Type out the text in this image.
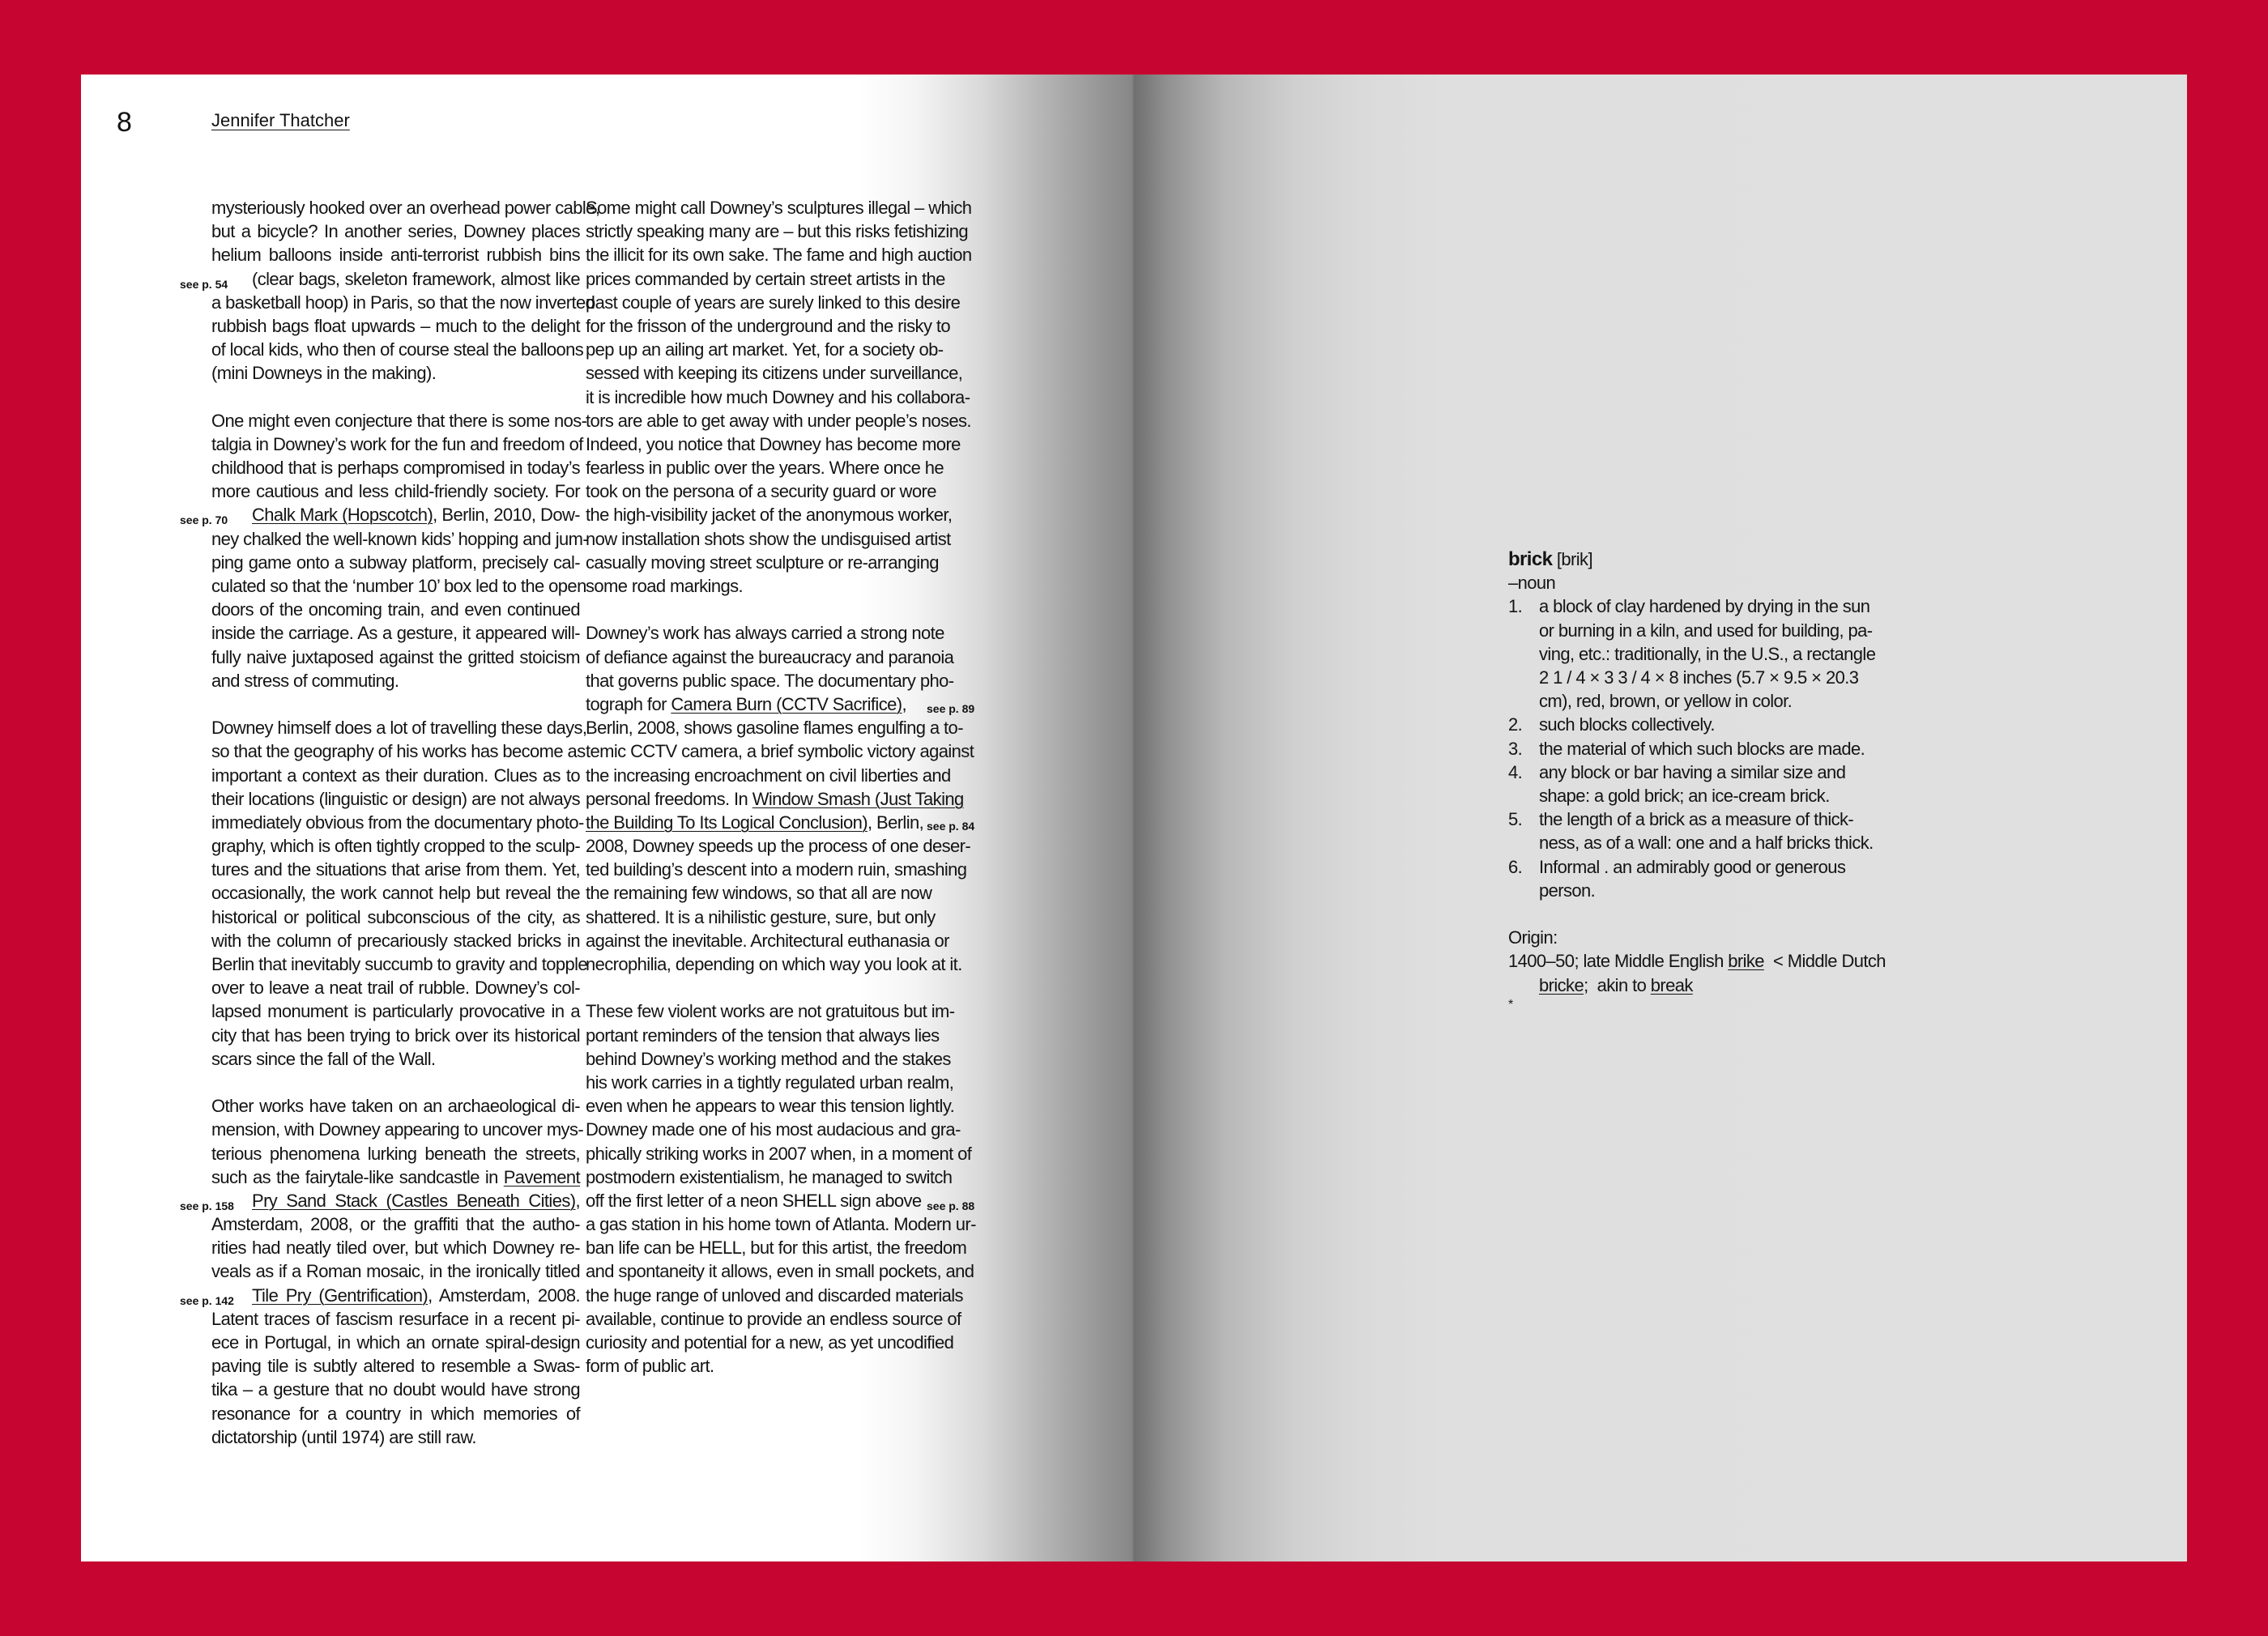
8	Jennifer Thatcher
see p. 54
see p. 70
see p. 158
see p. 142
see p. 89
see p. 84
see p. 88

mysteriously hooked over an overhead power cable,
but a bicycle? In another series, Downey places
helium balloons inside anti-terrorist rubbish bins
(clear bags, skeleton framework, almost like
a basketball hoop) in Paris, so that the now inverted
rubbish bags float upwards – much to the delight
of local kids, who then of course steal the balloons
(mini Downeys in the making).

One might even conjecture that there is some nos-
talgia in Downey’s work for the fun and freedom of
childhood that is perhaps compromised in today’s
more cautious and less child-friendly society. For
Chalk Mark (Hopscotch), Berlin, 2010, Dow-
ney chalked the well-known kids’ hopping and jum-
ping game onto a subway platform, precisely cal-
culated so that the ‘number 10’ box led to the open
doors of the oncoming train, and even continued
inside the carriage. As a gesture, it appeared will-
fully naive juxtaposed against the gritted stoicism
and stress of commuting.

Downey himself does a lot of travelling these days,
so that the geography of his works has become as
important a context as their duration. Clues as to
their locations (linguistic or design) are not always
immediately obvious from the documentary photo-
graphy, which is often tightly cropped to the sculp-
tures and the situations that arise from them. Yet,
occasionally, the work cannot help but reveal the
historical or political subconscious of the city, as
with the column of precariously stacked bricks in
Berlin that inevitably succumb to gravity and topple
over to leave a neat trail of rubble. Downey’s col-
lapsed monument is particularly provocative in a
city that has been trying to brick over its historical
scars since the fall of the Wall.

Other works have taken on an archaeological di-
mension, with Downey appearing to uncover mys-
terious phenomena lurking beneath the streets,
such as the fairytale-like sandcastle in Pavement
Pry Sand Stack (Castles Beneath Cities),
Amsterdam, 2008, or the graffiti that the autho-
rities had neatly tiled over, but which Downey re-
veals as if a Roman mosaic, in the ironically titled
Tile Pry (Gentrification), Amsterdam, 2008.
Latent traces of fascism resurface in a recent pi-
ece in Portugal, in which an ornate spiral-design
paving tile is subtly altered to resemble a Swas-
tika – a gesture that no doubt would have strong
resonance for a country in which memories of
dictatorship (until 1974) are still raw.

Some might call Downey’s sculptures illegal – which
strictly speaking many are – but this risks fetishizing
the illicit for its own sake. The fame and high auction
prices commanded by certain street artists in the
past couple of years are surely linked to this desire
for the frisson of the underground and the risky to
pep up an ailing art market. Yet, for a society ob-
sessed with keeping its citizens under surveillance,
it is incredible how much Downey and his collabora-
tors are able to get away with under people’s noses.
Indeed, you notice that Downey has become more
fearless in public over the years. Where once he
took on the persona of a security guard or wore
the high-visibility jacket of the anonymous worker,
now installation shots show the undisguised artist
casually moving street sculpture or re-arranging
some road markings.

Downey’s work has always carried a strong note
of defiance against the bureaucracy and paranoia
that governs public space. The documentary pho-
tograph for Camera Burn (CCTV Sacrifice),
Berlin, 2008, shows gasoline flames engulfing a to-
temic CCTV camera, a brief symbolic victory against
the increasing encroachment on civil liberties and
personal freedoms. In Window Smash (Just Taking
the Building To Its Logical Conclusion), Berlin,
2008, Downey speeds up the process of one deser-
ted building’s descent into a modern ruin, smashing
the remaining few windows, so that all are now
shattered. It is a nihilistic gesture, sure, but only
against the inevitable. Architectural euthanasia or
necrophilia, depending on which way you look at it.

These few violent works are not gratuitous but im-
portant reminders of the tension that always lies
behind Downey’s working method and the stakes
his work carries in a tightly regulated urban realm,
even when he appears to wear this tension lightly.
Downey made one of his most audacious and gra-
phically striking works in 2007 when, in a moment of
postmodern existentialism, he managed to switch
off the first letter of a neon SHELL sign above
a gas station in his home town of Atlanta. Modern ur-
ban life can be HELL, but for this artist, the freedom
and spontaneity it allows, even in small pockets, and
the huge range of unloved and discarded materials
available, continue to provide an endless source of
curiosity and potential for a new, as yet uncodified
form of public art.

brick [brik]
–noun
1. a block of clay hardened by drying in the sun
or burning in a kiln, and used for building, pa-
ving, etc.: traditionally, in the U.S., a rectangle
2 1 / 4 × 3 3 / 4 × 8 inches (5.7 × 9.5 × 20.3
cm), red, brown, or yellow in color.
2. such blocks collectively.
3. the material of which such blocks are made.
4. any block or bar having a similar size and
shape: a gold brick; an ice-cream brick.
5. the length of a brick as a measure of thick-
ness, as of a wall: one and a half bricks thick.
6. Informal . an admirably good or generous
person.
Origin:
1400–50; late Middle English brike  < Middle Dutch
bricke;  akin to break
*
